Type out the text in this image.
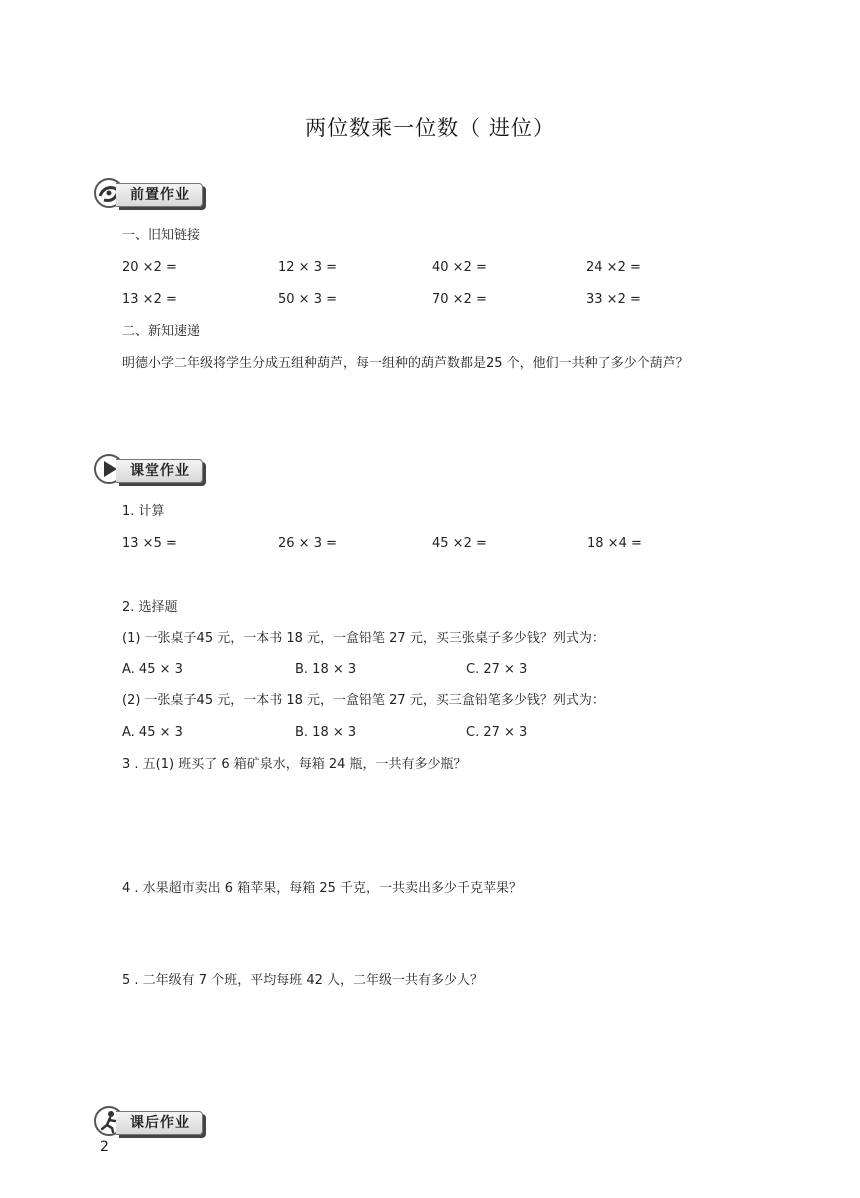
两位数乘一位数（ 进位）
前置作业
一、旧知链接
20 ×2 =	12 × 3 =	40 ×2 =	24 ×2 =
13 ×2 =	50 × 3 =	70 ×2 =	33 ×2 =
二、新知速递
明德小学二年级将学生分成五组种葫芦，每一组种的葫芦数都是25 个，他们一共种了多少个葫芦？
课堂作业
1. 计算
13 ×5 =	26 × 3 =	45 ×2 =	18 ×4 =
2. 选择题
(1) 一张桌子45 元，一本书 18 元，一盒铅笔 27 元，买三张桌子多少钱？列式为：
A. 45 × 3	B. 18 × 3	C. 27 × 3
(2) 一张桌子45 元，一本书 18 元，一盒铅笔 27 元，买三盒铅笔多少钱？列式为：
A. 45 × 3	B. 18 × 3	C. 27 × 3
3 . 五(1) 班买了 6 箱矿泉水，每箱 24 瓶，一共有多少瓶？
4 . 水果超市卖出 6 箱苹果，每箱 25 千克，一共卖出多少千克苹果？
5 . 二年级有 7 个班，平均每班 42 人，二年级一共有多少人？
课后作业
2
